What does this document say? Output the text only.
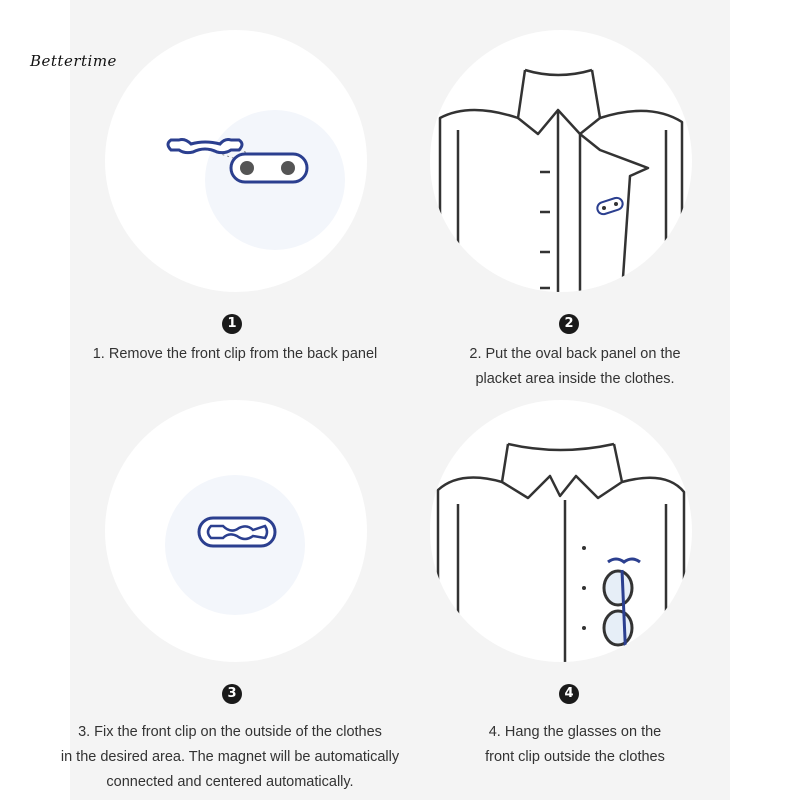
Bettertime
1	2
3	4
1. Remove the front clip from the back panel	2. Put the oval back panel on the
placket area inside the clothes.
3. Fix the front clip on the outside of the clothes
in the desired area. The magnet will be automatically
connected and centered automatically.
4. Hang the glasses on the
front clip outside the clothes
